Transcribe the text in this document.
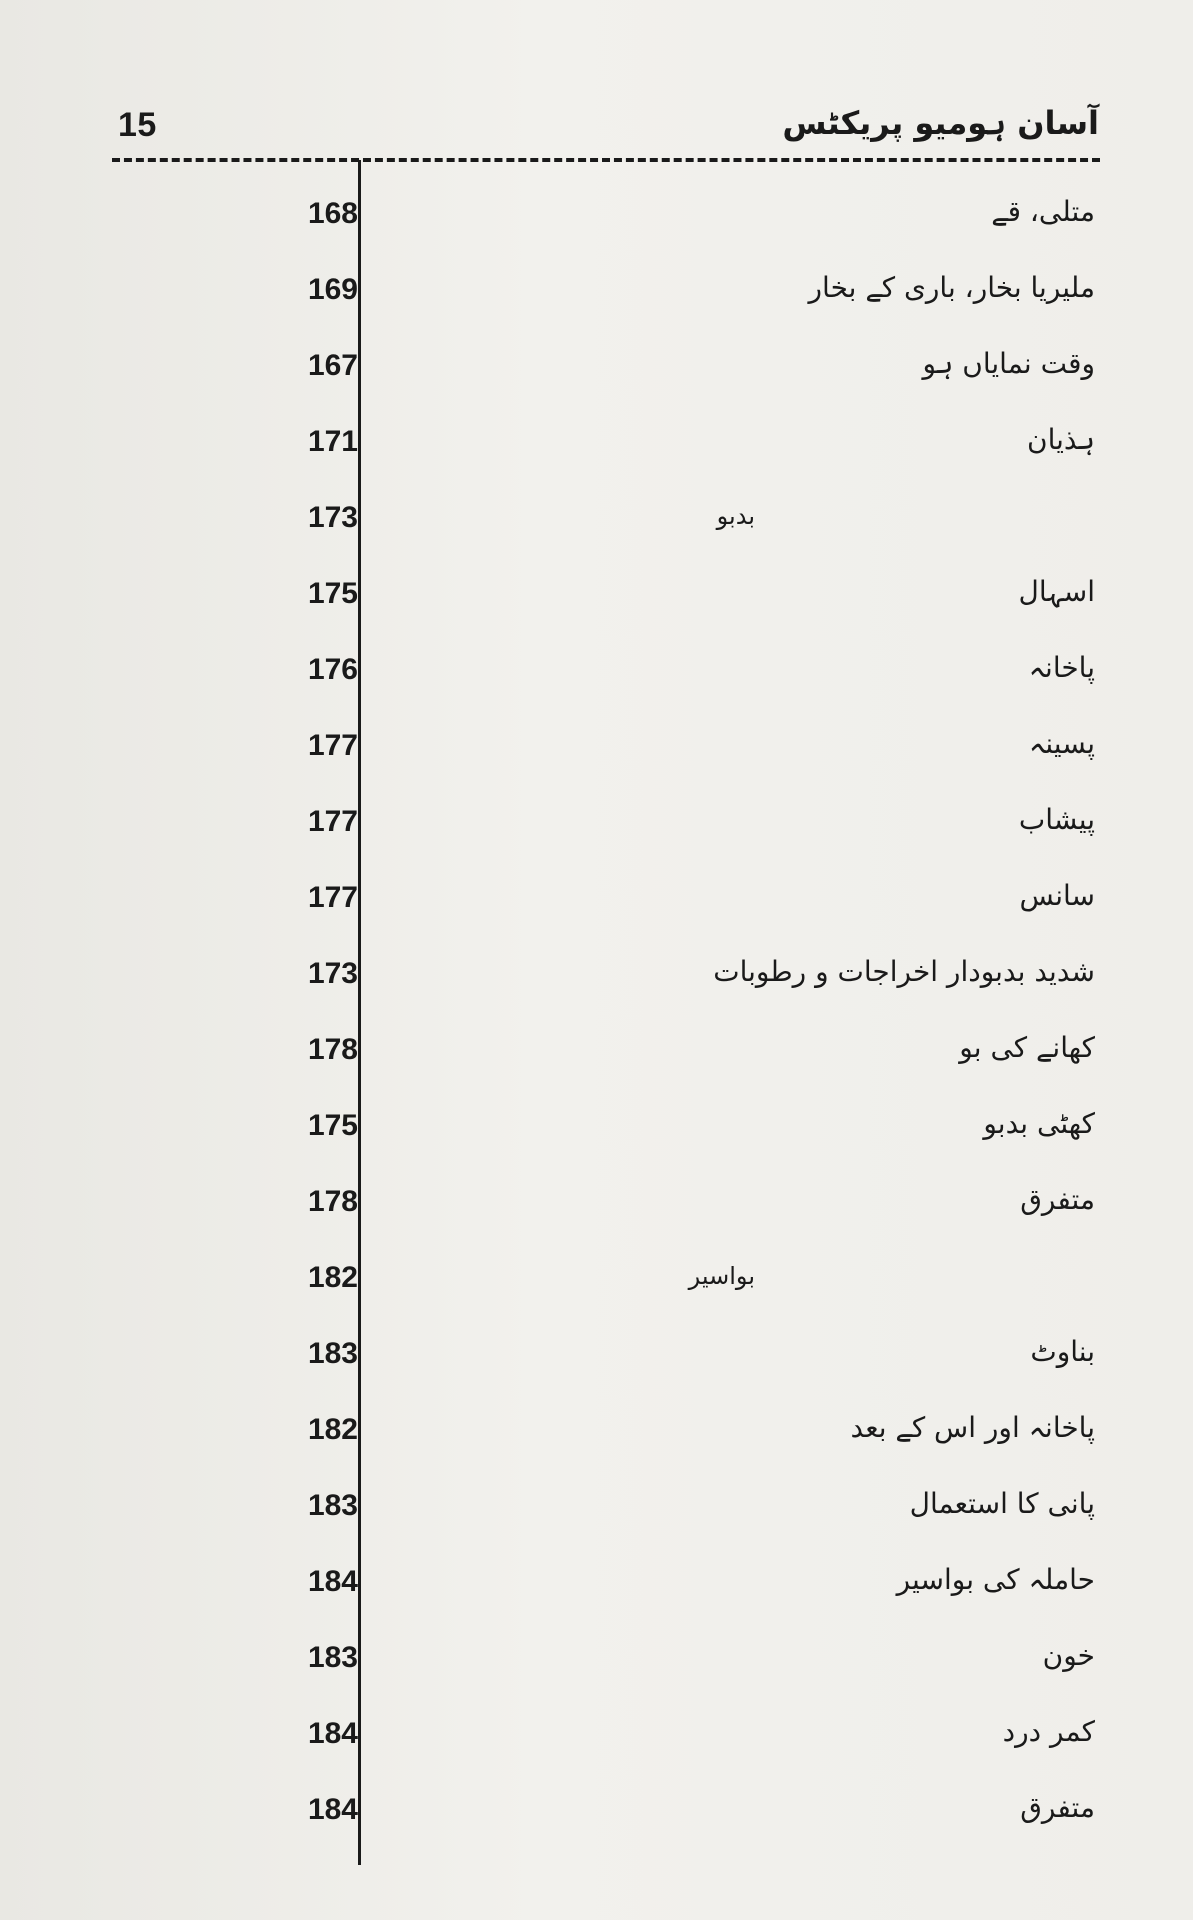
15	آسان ہومیو پریکٹس
متلی، قے
168
ملیریا بخار، باری کے بخار
169
وقت نمایاں ہو
167
ہذیان
171
بدبو
173
اسہال
175
پاخانہ
176
پسینہ
177
پیشاب
177
سانس
177
شدید بدبودار اخراجات و رطوبات
173
کھانے کی بو
178
کھٹی بدبو
175
متفرق
178
بواسیر
182
بناوٹ
183
پاخانہ اور اس کے بعد
182
پانی کا استعمال
183
حاملہ کی بواسیر
184
خون
183
کمر درد
184
متفرق
184
